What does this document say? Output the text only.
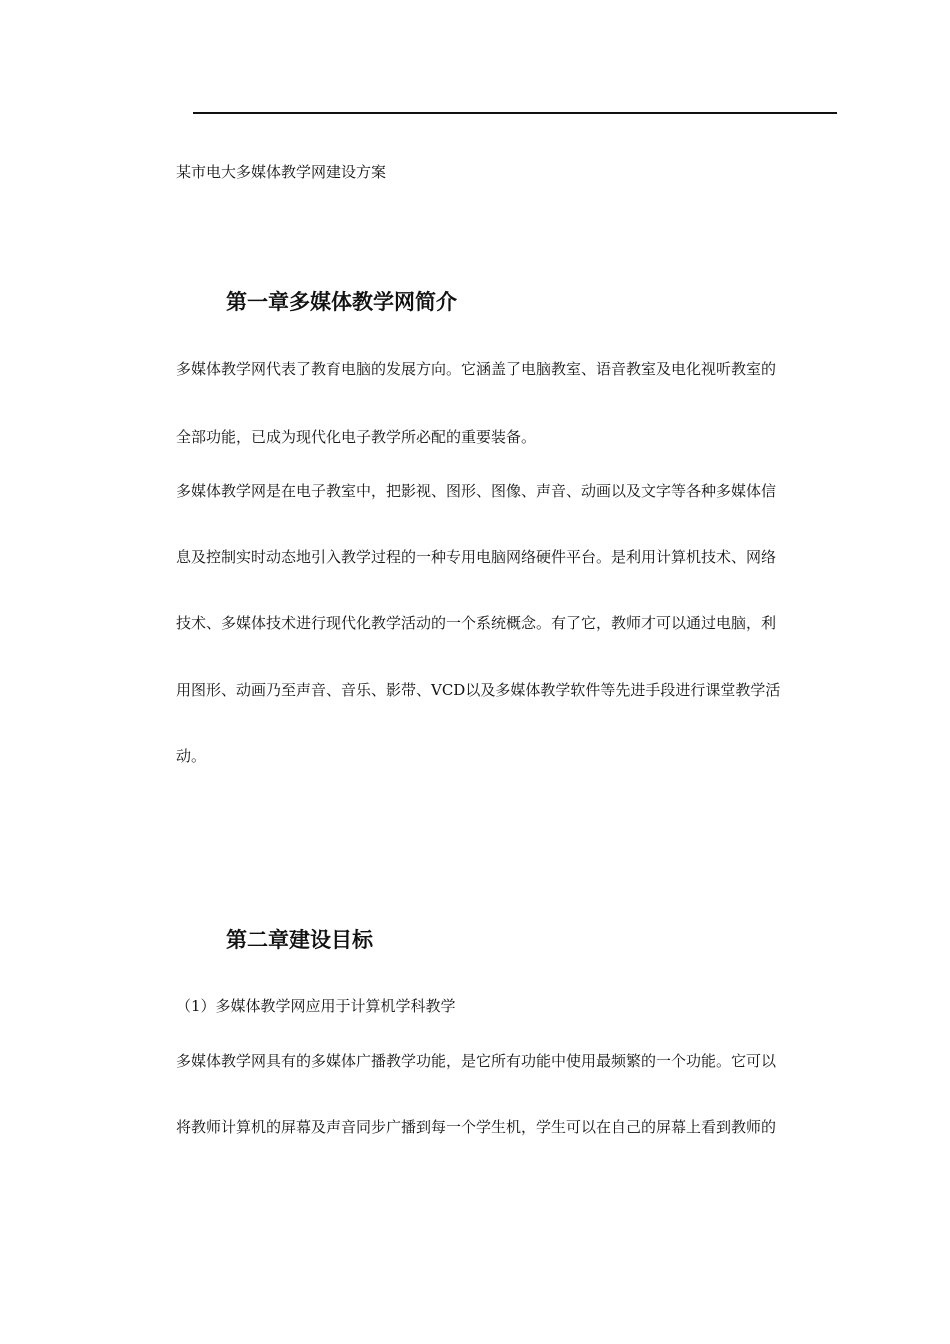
某市电大多媒体教学网建设方案
第一章多媒体教学网简介
多媒体教学网代表了教育电脑的发展方向。它涵盖了电脑教室、语音教室及电化视听教室的
全部功能，已成为现代化电子教学所必配的重要装备。
多媒体教学网是在电子教室中，把影视、图形、图像、声音、动画以及文字等各种多媒体信
息及控制实时动态地引入教学过程的一种专用电脑网络硬件平台。是利用计算机技术、网络
技术、多媒体技术进行现代化教学活动的一个系统概念。有了它，教师才可以通过电脑，利
用图形、动画乃至声音、音乐、影带、VCD以及多媒体教学软件等先进手段进行课堂教学活
动。
第二章建设目标
（1）多媒体教学网应用于计算机学科教学
多媒体教学网具有的多媒体广播教学功能，是它所有功能中使用最频繁的一个功能。它可以
将教师计算机的屏幕及声音同步广播到每一个学生机，学生可以在自己的屏幕上看到教师的
